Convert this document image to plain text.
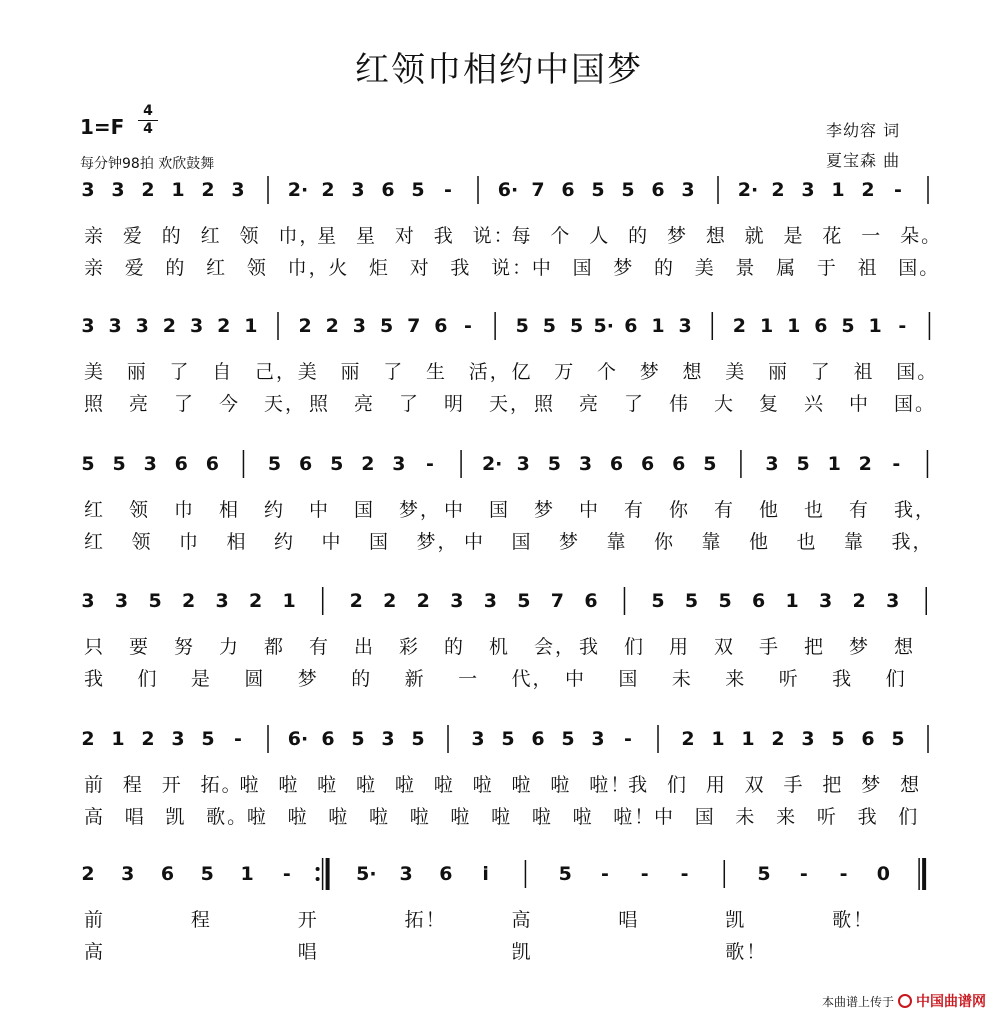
红领巾相约中国梦
1=F
4
4
每分钟98拍 欢欣鼓舞
李幼容 词
夏宝森 曲
3 3 2 1 2 3 2· 2 3 6 5 - 6· 7 6 5 5 6 3 2· 2 3 1 2 -
亲 爱 的 红 领 巾，
星 星 对 我 说：
每 个 人 的 梦 想 就 是 花 一 朵。
亲 爱 的 红 领 巾，
火 炬 对 我 说：
中 国 梦 的 美 景 属 于 祖 国。
3 3 3 2 3 2 1 2 2 3 5 7 6 - 5 5 5 5· 6 1 3 2 1 1 6 5 1 -
美 丽 了 自 己， 美 丽 了 生 活， 亿 万 个 梦 想 美 丽 了 祖 国。
照 亮 了 今 天， 照 亮 了 明 天， 照 亮 了 伟 大 复 兴 中 国。
5 5 3 6 6	5 6 5 2 3 -	2· 3 5 3 6 6 6 5	3 5 1 2 -
红 领 巾 相 约 中 国 梦， 中 国 梦 中 有 你 有 他 也 有 我，
红 领 巾 相 约 中 国 梦， 中 国 梦 靠 你 靠 他 也 靠 我，
3 3 5 2 3 2 1	2 2 2 3 3 5 7 6	5 5 5 6 1 3 2 3
只 要 努 力 都 有 出 彩 的 机 会， 我 们 用 双 手 把 梦 想
我 们 是 圆 梦 的 新 一 代， 中 国 未 来 听 我 们
2 1 2 3 5 - 6· 6 5 3 5 3 5 6 5 3 -	2 1 1 2 3 5 6 5
前 程 开 拓。
啦 啦 啦 啦 啦 啦 啦 啦 啦 啦！
我 们 用 双 手 把 梦 想
高 唱 凯 歌。
啦 啦 啦 啦 啦 啦 啦 啦 啦 啦！
中 国 未 来 听 我 们
2 3 6 5 1 -	5· 3 6 i	5 - - -	5 - - 0
前	程	开	拓！	高	唱	凯	歌！
高	唱	凯	歌！
本曲谱上传于 中国曲谱网
